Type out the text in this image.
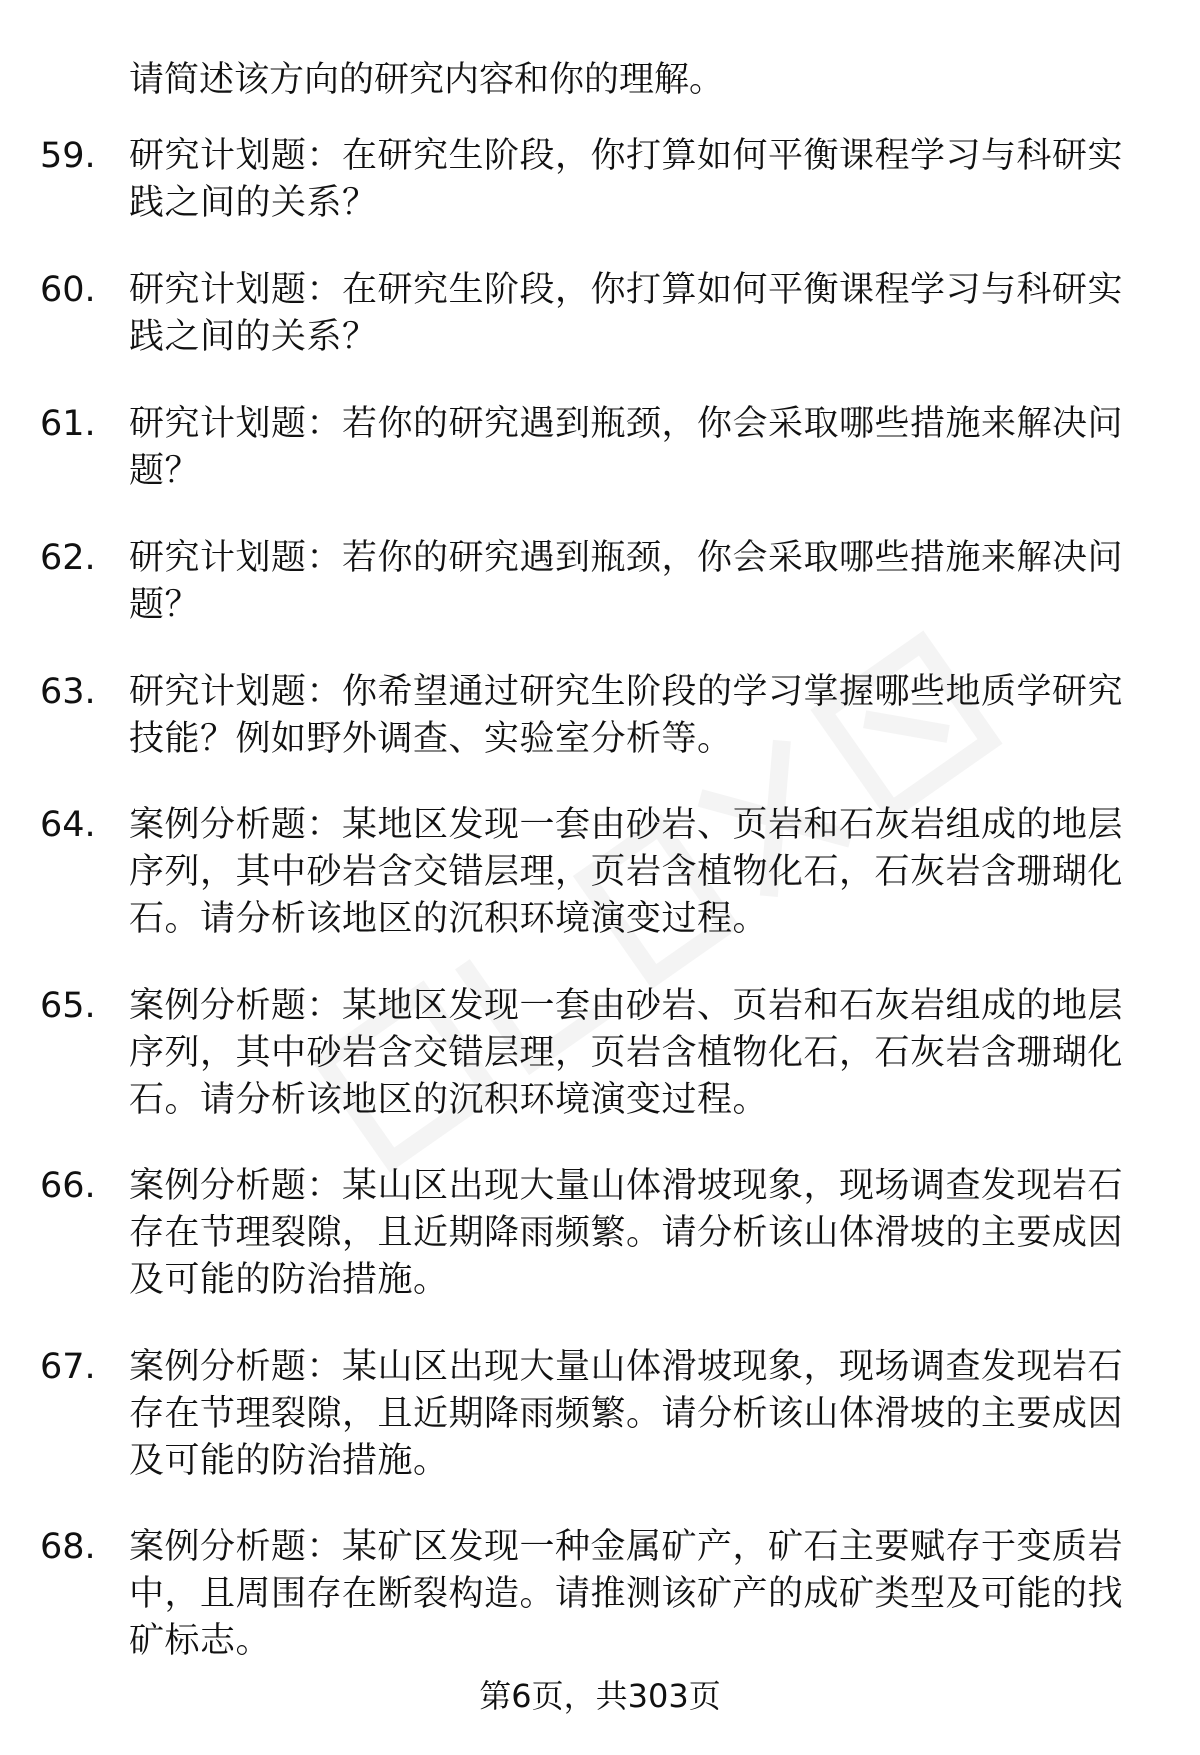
请简述该方向的研究内容和你的理解。
59. 研究计划题：在研究生阶段，你打算如何平衡课程学习与科研实践之间的关系？
60. 研究计划题：在研究生阶段，你打算如何平衡课程学习与科研实践之间的关系？
61. 研究计划题：若你的研究遇到瓶颈，你会采取哪些措施来解决问题？
62. 研究计划题：若你的研究遇到瓶颈，你会采取哪些措施来解决问题？
63. 研究计划题：你希望通过研究生阶段的学习掌握哪些地质学研究技能？例如野外调查、实验室分析等。
64. 案例分析题：某地区发现一套由砂岩、页岩和石灰岩组成的地层序列，其中砂岩含交错层理，页岩含植物化石，石灰岩含珊瑚化石。请分析该地区的沉积环境演变过程。
65. 案例分析题：某地区发现一套由砂岩、页岩和石灰岩组成的地层序列，其中砂岩含交错层理，页岩含植物化石，石灰岩含珊瑚化石。请分析该地区的沉积环境演变过程。
66. 案例分析题：某山区出现大量山体滑坡现象，现场调查发现岩石存在节理裂隙，且近期降雨频繁。请分析该山体滑坡的主要成因及可能的防治措施。
67. 案例分析题：某山区出现大量山体滑坡现象，现场调查发现岩石存在节理裂隙，且近期降雨频繁。请分析该山体滑坡的主要成因及可能的防治措施。
68. 案例分析题：某矿区发现一种金属矿产，矿石主要赋存于变质岩中，且周围存在断裂构造。请推测该矿产的成矿类型及可能的找矿标志。
第6页，共303页
